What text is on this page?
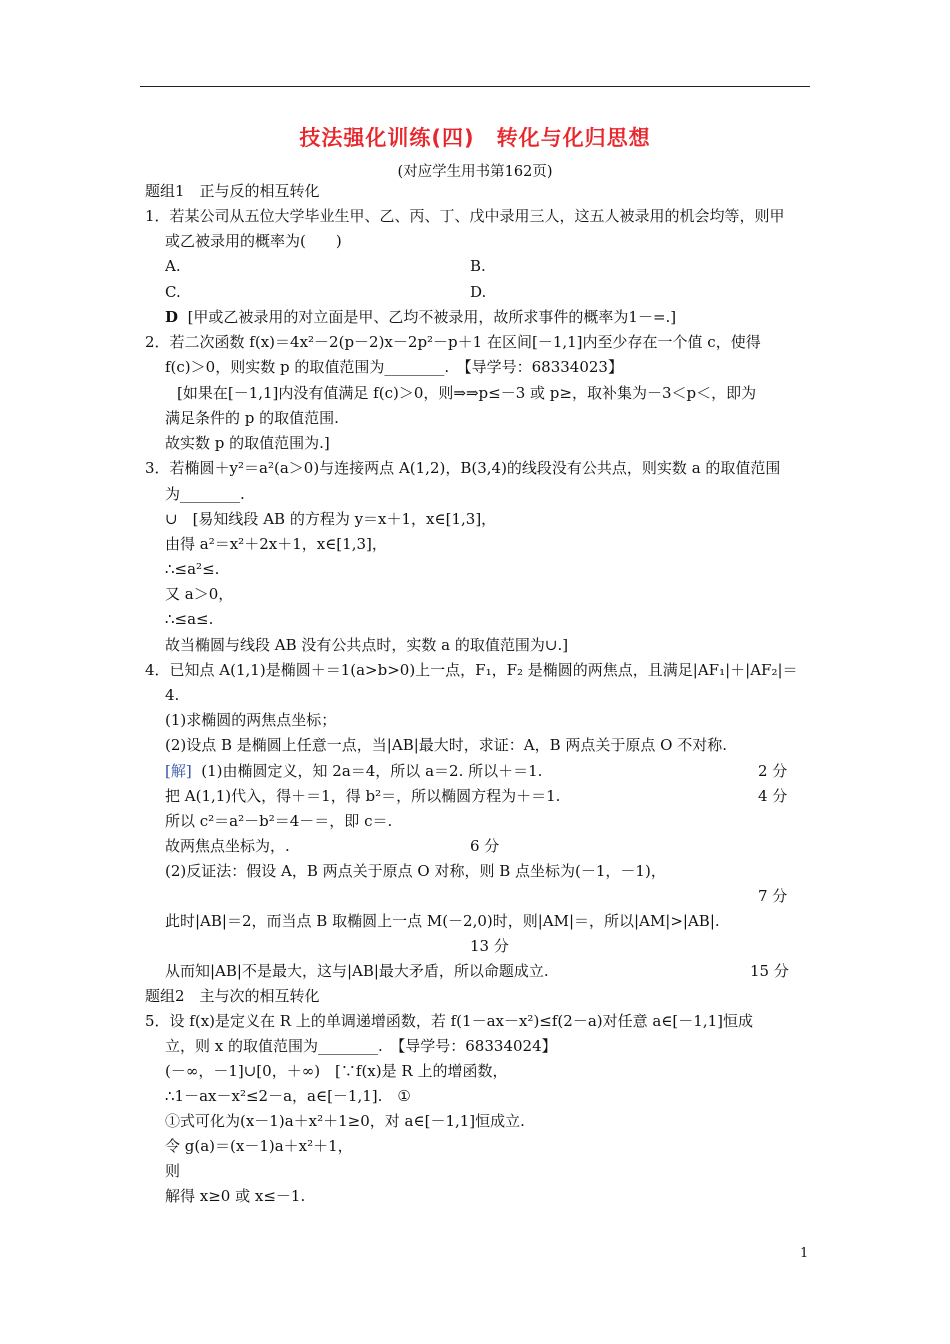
技法强化训练(四)　转化与化归思想
(对应学生用书第162页)
题组1　正与反的相互转化
1．若某公司从五位大学毕业生甲、乙、丙、丁、戊中录用三人，这五人被录用的机会均等，则甲
或乙被录用的概率为(　　)
A.	B.
C.	D.
D [甲或乙被录用的对立面是甲、乙均不被录用，故所求事件的概率为1－=.]
2．若二次函数 f(x)＝4x²－2(p－2)x－2p²－p＋1 在区间[－1,1]内至少存在一个值 c，使得
f(c)＞0，则实数 p 的取值范围为________.　【导学号：68334023】
[如果在[－1,1]内没有值满足 f(c)＞0，则⇒⇒p≤－3 或 p≥，取补集为－3＜p＜，即为
满足条件的 p 的取值范围.
故实数 p 的取值范围为.]
3．若椭圆＋y²＝a²(a＞0)与连接两点 A(1,2)，B(3,4)的线段没有公共点，则实数 a 的取值范围
为________.
∪　[易知线段 AB 的方程为 y＝x＋1，x∈[1,3]，
由得 a²＝x²＋2x＋1，x∈[1,3]，
∴≤a²≤.
又 a＞0，
∴≤a≤.
故当椭圆与线段 AB 没有公共点时，实数 a 的取值范围为∪.]
4．已知点 A(1,1)是椭圆＋＝1(a>b>0)上一点，F₁，F₂ 是椭圆的两焦点，且满足|AF₁|＋|AF₂|＝
4.
(1)求椭圆的两焦点坐标；
(2)设点 B 是椭圆上任意一点，当|AB|最大时，求证：A，B 两点关于原点 O 不对称.
[解] (1)由椭圆定义，知 2a＝4，所以 a＝2. 所以＋＝1.	2 分
把 A(1,1)代入，得＋＝1，得 b²＝，所以椭圆方程为＋＝1.	4 分
所以 c²＝a²－b²＝4－＝，即 c＝.
故两焦点坐标为，.	6 分
(2)反证法：假设 A，B 两点关于原点 O 对称，则 B 点坐标为(－1，－1)，
7 分
此时|AB|＝2，而当点 B 取椭圆上一点 M(－2,0)时，则|AM|＝，所以|AM|>|AB|.
13 分
从而知|AB|不是最大，这与|AB|最大矛盾，所以命题成立.	15 分
题组2　主与次的相互转化
5．设 f(x)是定义在 R 上的单调递增函数，若 f(1－ax－x²)≤f(2－a)对任意 a∈[－1,1]恒成
立，则 x 的取值范围为________.　【导学号：68334024】
(－∞，－1]∪[0，＋∞)　[∵f(x)是 R 上的增函数，
∴1－ax－x²≤2－a，a∈[－1,1].　①
①式可化为(x－1)a＋x²＋1≥0，对 a∈[－1,1]恒成立.
令 g(a)＝(x－1)a＋x²＋1，
则
解得 x≥0 或 x≤－1.
1
